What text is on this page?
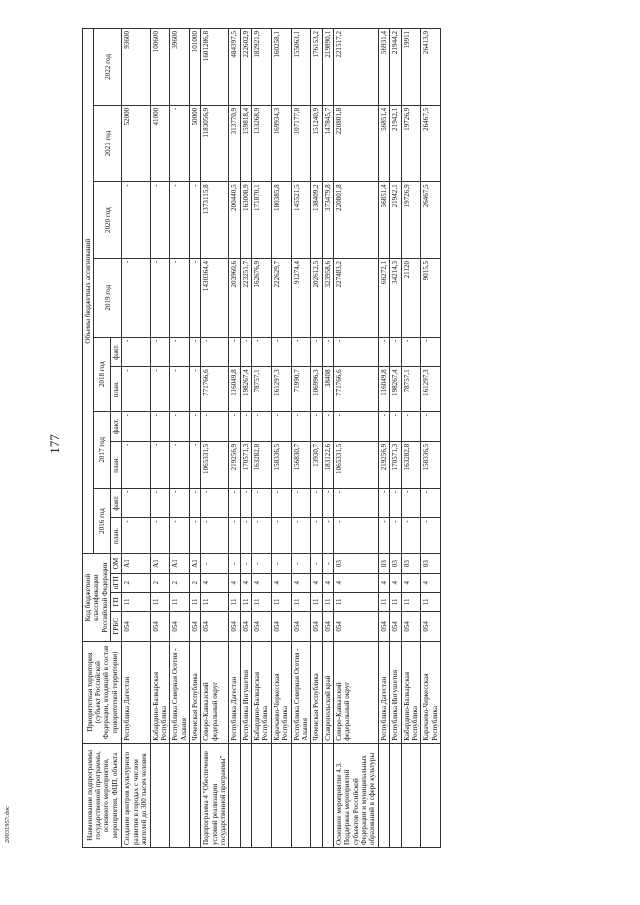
177
20031957.doc	Наименование подпрограммы государственной программы, основного мероприятия, мероприятия, ФЦП, объекта	Приоритетная территория (субъект Российской Федерации, входящий в состав приоритетной территории)	Код бюджетной классификации Российской Федерации				Объемы бюджетных ассигнований									
						2016 год		2017 год		2018 год		2019 год	2020 год	2021 год	2022 год
		ГРБС	ГП	пГП	ОМ	план.	факт.	план.	факт.	план.	факт.				
Создание центров культурного развития в городах с числом жителей до 300 тысяч человек	Республика Дагестан	054	11	2	А1	-	-	-	-	-	-	-	-	52000	93600
	Кабардино-Балкарская Республика	054	11	2	А1	-	-	-	-	-	-	-	-	41000	100600
	Республика Северная Осетия - Алания	054	11	2	А1	-	-	-	-	-	-	-	-	-	39600
	Чеченская Республика	054	11	2	А1	-	-	-	-	-	-	-	-	50000	101000
Подпрограмма 4 "Обеспечение условий реализации государственной программы"	Северо-Кавказский федеральный округ	054	11	4	-	-	-	1065331,5	-	771766,6	-	1430364,4	1373115,8	1183056,9	1601286,8
	Республика Дагестан	054	11	4	-	-	-	219256,9	-	116049,8	-	203960,6	200440,5	313770,9	484397,5
	Республика Ингушетия	054	11	4	-	-	-	170571,3	-	198267,4	-	223251,7	163008,9	159818,4	222602,9
	Кабардино-Балкарская Республика	054	11	4	-	-	-	163282,8	-	78757,1	-	162676,9	171870,1	133268,9	182921,9
	Карачаево-Черкесская Республика	054	11	4	-	-	-	158336,5	-	161297,3	-	222629,7	180385,8	169934,3	160258,1
	Республика Северная Осетия - Алания	054	11	4	-	-	-	156830,7	-	71990,7	-	91274,4	145521,5	107177,8	155063,1
	Чеченская Республика	054	11	4	-	-	-	13930,7	-	106996,3	-	202612,5	138409,2	151240,9	176153,2
	Ставропольский край	054	11	4	-	-	-	183122,6	-	38408	-	323958,6	373479,8	147845,7	219890,1
Основное мероприятие 4.3. Поддержка мероприятий субъектов Российской Федерации и муниципальных образований в сфере культуры	Северо-Кавказский федеральный округ	054	11	4	03	-	-	1065331,5	-	771766,6	-	227483,2	220801,8	220801,8	221517,2
	Республика Дагестан	054	11	4	03	-	-	219256,9	-	116049,8	-	66272,1	56851,4	56851,4	56931,4
	Республика Ингушетия	054	11	4	03	-	-	170571,3	-	198267,4	-	34214,3	21942,1	21942,1	21944,2
	Кабардино-Балкарская Республика	054	11	4	03	-	-	163282,8	-	78757,1	-	21120	19726,9	19726,9	19911
	Карачаево-Черкесская Республика	054	11	4	03	-	-	158336,5	-	161297,3	-	9015,5	26467,5	26467,5	26413,9
